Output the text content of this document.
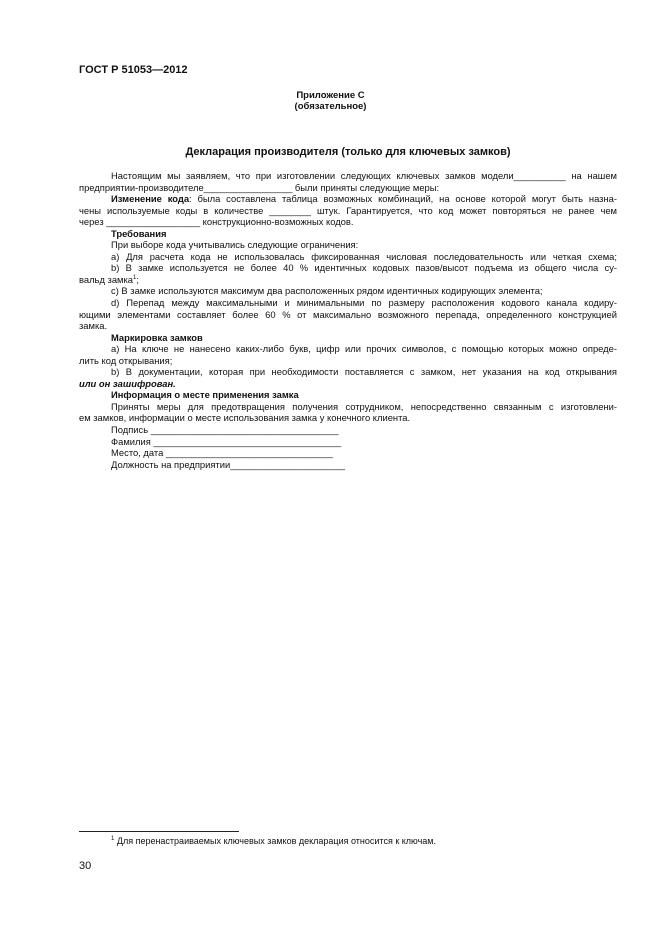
ГОСТ Р 51053—2012
Приложение С
(обязательное)
Декларация производителя (только для ключевых замков)
Настоящим мы заявляем, что при изготовлении следующих ключевых замков модели__________ на нашем
предприятии-производителе_________________ были приняты следующие меры:
Изменение кода: была составлена таблица возможных комбинаций, на основе которой могут быть назна-
чены используемые коды в количестве ________ штук. Гарантируется, что код может повторяться не ранее чем
через __________________ конструкционно-возможных кодов.
Требования
При выборе кода учитывались следующие ограничения:
а) Для расчета кода не использовалась фиксированная числовая последовательность или четкая схема;
b) В замке используется не более 40 % идентичных кодовых пазов/высот подъема из общего числа су-
вальд замка$^1$;
c) В замке используются максимум два расположенных рядом идентичных кодирующих элемента;
d) Перепад между максимальными и минимальными по размеру расположения кодового канала кодиру-
ющими элементами составляет более 60 % от максимально возможного перепада, определенного конструкцией
замка.
Маркировка замков
а) На ключе не нанесено каких-либо букв, цифр или прочих символов, с помощью которых можно опреде-
лить код открывания;
b) В документации, которая при необходимости поставляется с замком, нет указания на код открывания
или он зашифрован.
Информация о месте применения замка
Приняты меры для предотвращения получения сотрудником, непосредственно связанным с изготовлени-
ем замков, информации о месте использования замка у конечного клиента.
Подпись ____________________________________
Фамилия ____________________________________
Место, дата ________________________________
Должность на предприятии______________________
$^1$ Для перенастраиваемых ключевых замков декларация относится к ключам.
30
